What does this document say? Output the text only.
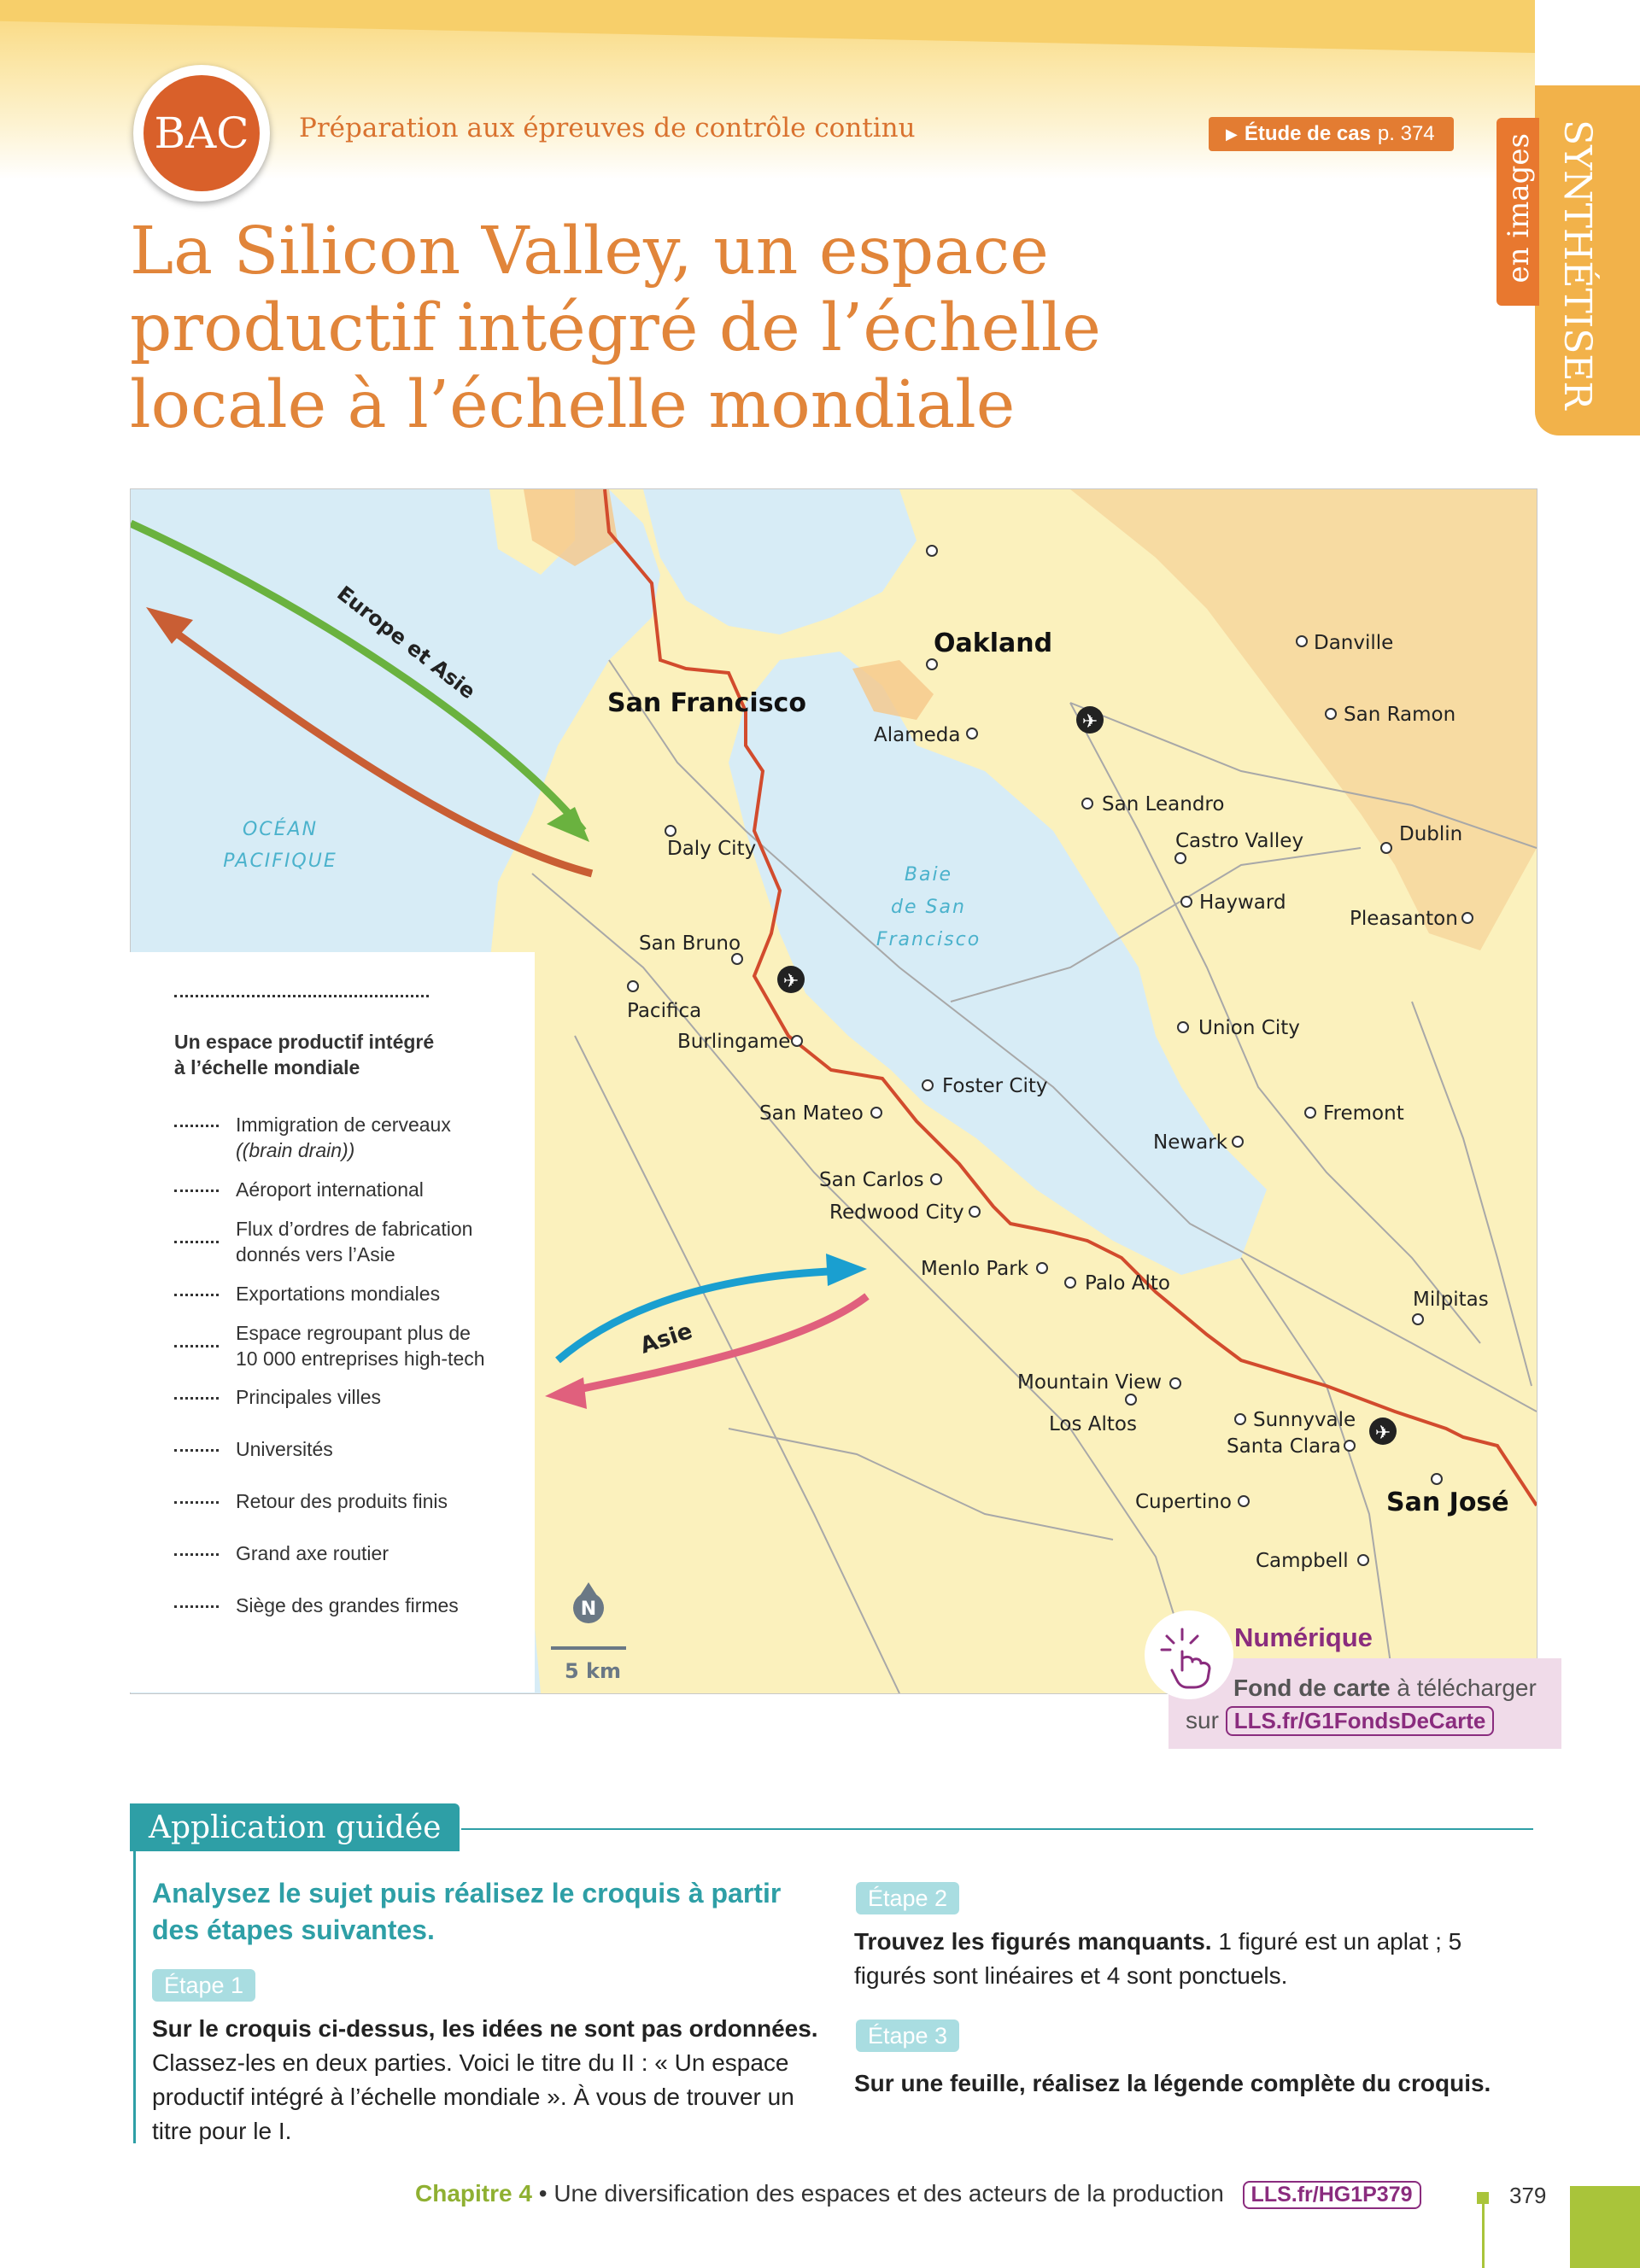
BAC	Préparation aux épreuves de contrôle continu	▶ Étude de cas p. 374	SYNTHÉTISER
en images
La Silicon Valley, un espace productif intégré de l’échelle locale à l’échelle mondiale
OCÉAN
PACIFIQUE
Baie
de San
Francisco
Europe et Asie
Asie
✈
✈
✈
San Francisco
Oakland
San José
Alameda
Danville
San Ramon
San Leandro
Castro Valley	Dublin
Daly City
Hayward
Pleasanton
San Bruno
Pacifica
Burlingame
Union City
Foster City
San Mateo	Fremont
Newark
San Carlos
Redwood City
Menlo Park
Palo Alto
Milpitas
Mountain View
Los Altos	Sunnyvale
Santa Clara
Cupertino
Campbell
N
5 km
Un espace productif intégré
à l’échelle mondiale
Immigration de cerveaux
((brain drain))
Aéroport international
Flux d’ordres de fabrication
donnés vers l’Asie
Exportations mondiales
Espace regroupant plus de
10 000 entreprises high-tech
Principales villes
Universités
Retour des produits finis
Grand axe routier
Siège des grandes firmes
Numérique
Fond de carte à télécharger
sur LLS.fr/G1FondsDeCarte
Application guidée
Analysez le sujet puis réalisez le croquis à partir des étapes suivantes.
Étape 1
Sur le croquis ci-dessus, les idées ne sont pas ordonnées.
Classez-les en deux parties. Voici le titre du II : « Un espace productif intégré à l’échelle mondiale ». À vous de trouver un titre pour le I.
Étape 2
Trouvez les figurés manquants. 1 figuré est un aplat ; 5 figurés sont linéaires et 4 sont ponctuels.
Étape 3
Sur une feuille, réalisez la légende complète du croquis.
Chapitre 4 • Une diversification des espaces et des acteurs de la production LLS.fr/HG1P379	379
